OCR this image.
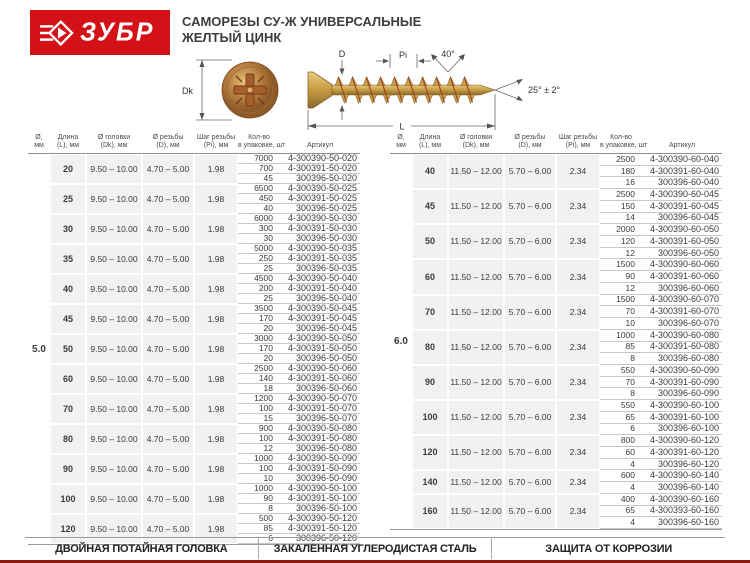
ЗУБР САМОРЕЗЫ СУ-Ж УНИВЕРСАЛЬНЫЕ
ЖЕЛТЫЙ ЦИНК
Dk
D	Pi	40°
25° ± 2°
L
Ø,
мм

Длина
(L), мм

Ø головки
(Dk), мм

Ø резьбы
(D), мм

Шаг резьбы
(Pi), мм

Кол-во
в упаковке, шт	Артикул

5.0	20	9.50 – 10.00	4.70 – 5.00	1.98	7000	4-300390-50-020
					700	4-300391-50-020
					45	300396-50-020
	25	9.50 – 10.00	4.70 – 5.00	1.98	6500	4-300390-50-025
					450	4-300391-50-025
					40	300396-50-025
	30	9.50 – 10.00	4.70 – 5.00	1.98	6000	4-300390-50-030
					300	4-300391-50-030
					30	300396-50-030
	35	9.50 – 10.00	4.70 – 5.00	1.98	5000	4-300390-50-035
					250	4-300391-50-035
					25	300396-50-035
	40	9.50 – 10.00	4.70 – 5.00	1.98	4500	4-300390-50-040
					200	4-300391-50-040
					25	300396-50-040
	45	9.50 – 10.00	4.70 – 5.00	1.98	3500	4-300390-50-045
					170	4-300391-50-045
					20	300396-50-045
	50	9.50 – 10.00	4.70 – 5.00	1.98	3000	4-300390-50-050
					170	4-300391-50-050
					20	300396-50-050
	60	9.50 – 10.00	4.70 – 5.00	1.98	2500	4-300390-50-060
					140	4-300391-50-060
					18	300396-50-060
	70	9.50 – 10.00	4.70 – 5.00	1.98	1200	4-300390-50-070
					100	4-300391-50-070
					15	300396-50-070
	80	9.50 – 10.00	4.70 – 5.00	1.98	900	4-300390-50-080
					100	4-300391-50-080
					12	300396-50-080
	90	9.50 – 10.00	4.70 – 5.00	1.98	1000	4-300390-50-090
					100	4-300391-50-090
					10	300396-50-090
	100	9.50 – 10.00	4.70 – 5.00	1.98	1000	4-300390-50-100
					90	4-300391-50-100
					8	300396-50-100
	120	9.50 – 10.00	4.70 – 5.00	1.98	500	4-300390-50-120
					85	4-300391-50-120
					6	300396-50-120
Ø,
мм

Длина
(L), мм

Ø головки
(Dk), мм

Ø резьбы
(D), мм

Шаг резьбы
(Pi), мм

Кол-во
в упаковке, шт	Артикул

6.0	40	11.50 – 12.00	5.70 – 6.00	2.34	2500	4-300390-60-040
					180	4-300391-60-040
					16	300396-60-040
	45	11.50 – 12.00	5.70 – 6.00	2.34	2500	4-300390-60-045
					150	4-300391-60-045
					14	300396-60-045
	50	11.50 – 12.00	5.70 – 6.00	2.34	2000	4-300390-60-050
					120	4-300391-60-050
					12	300396-60-050
	60	11.50 – 12.00	5.70 – 6.00	2.34	1500	4-300390-60-060
					90	4-300391-60-060
					12	300396-60-060
	70	11.50 – 12.00	5.70 – 6.00	2.34	1500	4-300390-60-070
					70	4-300391-60-070
					10	300396-60-070
	80	11.50 – 12.00	5.70 – 6.00	2.34	1000	4-300390-60-080
					85	4-300391-60-080
					8	300396-60-080
	90	11.50 – 12.00	5.70 – 6.00	2.34	550	4-300390-60-090
					70	4-300391-60-090
					8	300396-60-090
	100	11.50 – 12.00	5.70 – 6.00	2.34	550	4-300390-60-100
					65	4-300391-60-100
					6	300396-60-100
	120	11.50 – 12.00	5.70 – 6.00	2.34	800	4-300390-60-120
					60	4-300391-60-120
					4	300396-60-120
	140	11.50 – 12.00	5.70 – 6.00	2.34	600	4-300390-60-140
					4	300396-60-140
	160	11.50 – 12.00	5.70 – 6.00	2.34	400	4-300390-60-160
					65	4-300393-60-160
					4	300396-60-160
ДВОЙНАЯ ПОТАЙНАЯ ГОЛОВКА	ЗАКАЛЕННАЯ УГЛЕРОДИСТАЯ СТАЛЬ	ЗАЩИТА ОТ КОРРОЗИИ
